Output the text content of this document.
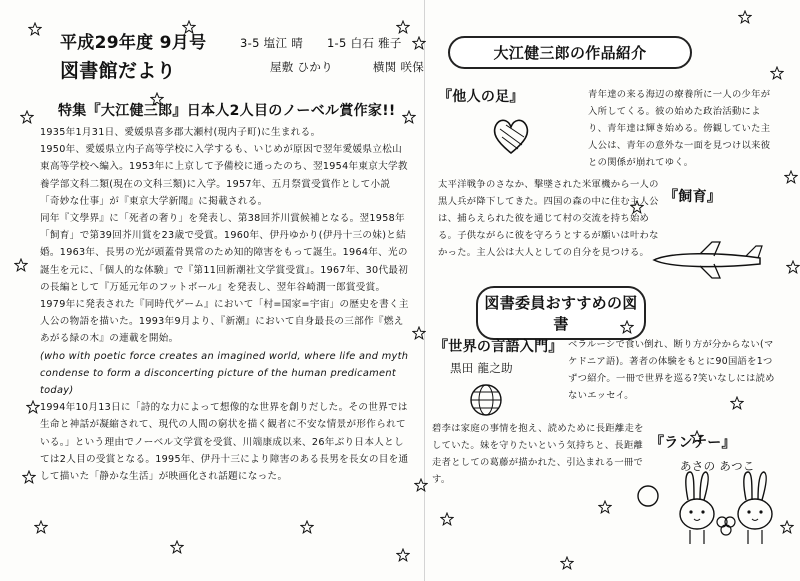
平成29年度 9月号
図書館だより
3-5 塩江 晴 1-5 白石 雅子
屋敷 ひかり	横関 咲保
特集『大江健三郎』日本人2人目のノーベル賞作家!!
1935年1月31日、愛媛県喜多郡大瀬村(現内子町)に生まれる。
1950年、愛媛県立内子高等学校に入学するも、いじめが原因で翌年愛媛県立松山東高等学校へ編入。1953年に上京して予備校に通ったのち、翌1954年東京大学教養学部文科二類(現在の文科三類)に入学。1957年、五月祭賞受賞作として小説「奇妙な仕事」が『東京大学新聞』に掲載される。
同年『文學界』に「死者の奢り」を発表し、第38回芥川賞候補となる。翌1958年「飼育」で第39回芥川賞を23歳で受賞。1960年、伊丹ゆかり(伊丹十三の妹)と結婚。1963年、長男の光が頭蓋骨異常のため知的障害をもって誕生。1964年、光の誕生を元に、「個人的な体験」で『第11回新潮社文学賞受賞』。1967年、30代最初の長編として『万延元年のフットボール』を発表し、翌年谷崎潤一郎賞受賞。1979年に発表された『同時代ゲーム』において「村=国家=宇宙」の歴史を書く主人公の物語を描いた。1993年9月より、『新潮』において自身最長の三部作『燃えあがる緑の木』の連載を開始。
(who with poetic force creates an imagined world, where life and myth condense to form a disconcerting picture of the human predicament today)
1994年10月13日に「詩的な力によって想像的な世界を創りだした。その世界では生命と神話が凝縮されて、現代の人間の窮状を描く観者に不安な情景が形作られている。」という理由でノーベル文学賞を受賞、川端康成以来、26年ぶり日本人としては2人目の受賞となる。1995年、伊丹十三により障害のある長男を長女の目を通して描いた「静かな生活」が映画化され話題になった。
大江健三郎の作品紹介
『他人の足』	青年達の来る海辺の療養所に一人の少年が入所してくる。彼の始めた政治活動により、青年達は輝き始める。傍観していた主人公は、青年の意外な一面を見つけ以来彼との関係が崩れてゆく。
太平洋戦争のさなか、撃墜された米軍機から一人の黒人兵が降下してきた。四国の森の中に住む主人公は、捕らえられた彼を通じて村の交流を持ち始める。子供ながらに彼を守ろうとするが願いは叶わなかった。主人公は大人としての自分を見つける。
『飼育』
図書委員おすすめの図書
『世界の言語入門』
黒田 龍之助
ベラルーシで食い倒れ、断り方が分からない(マケドニア語)。著者の体験をもとに90国語を1つずつ紹介。一冊で世界を巡る?笑いなしには読めないエッセイ。
碧李は家庭の事情を抱え、読めために長距離走をしていた。妹を守りたいという気持ちと、長距離走者としての葛藤が描かれた、引込まれる一冊です。
『ランナー』
あさの あつこ
